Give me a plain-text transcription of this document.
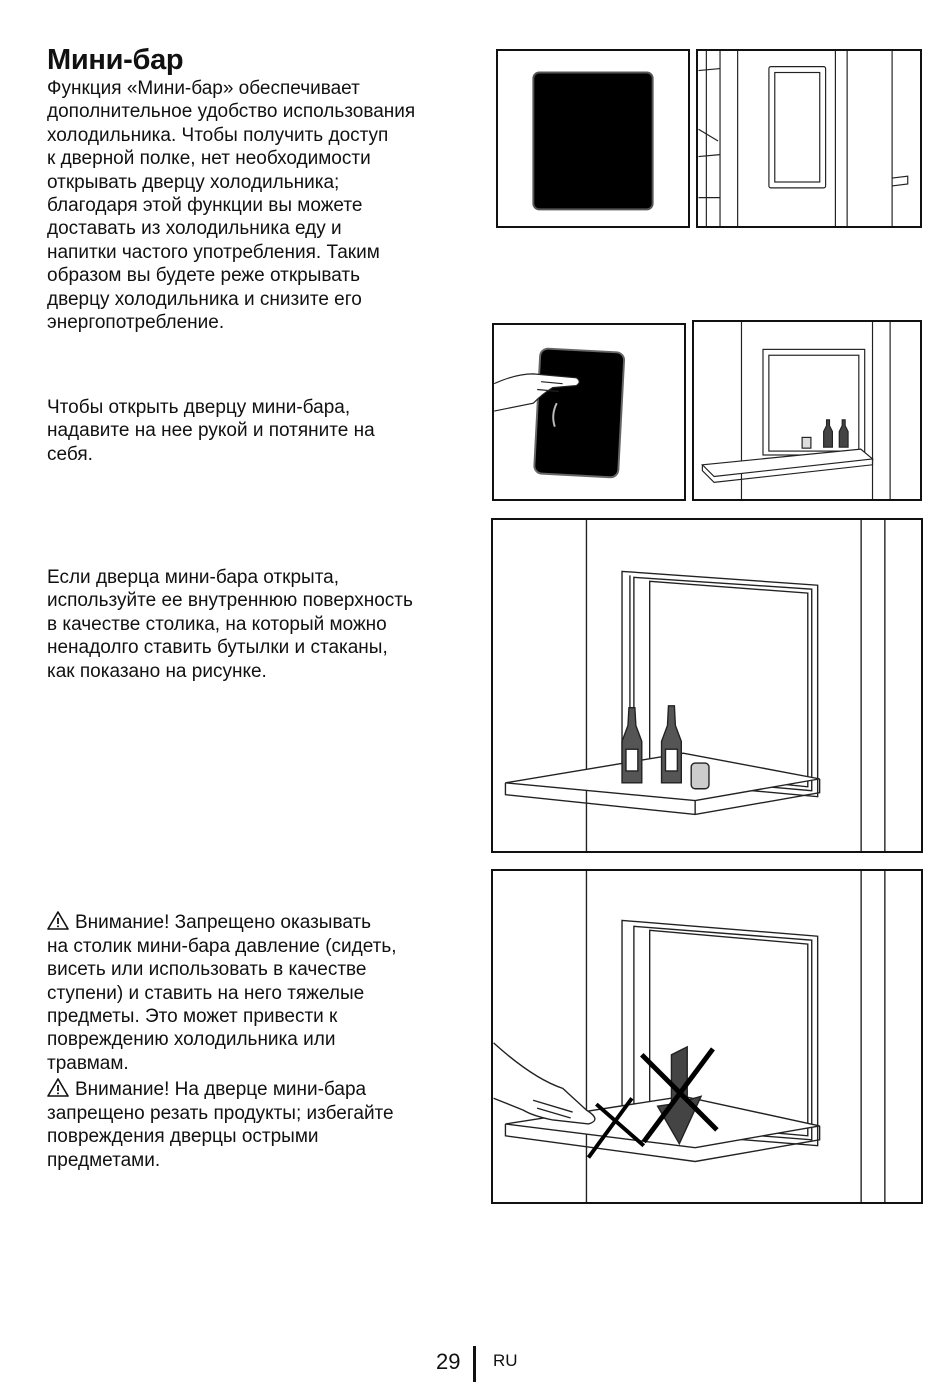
Мини-бар

Функция «Мини-бар» обеспечивает
дополнительное удобство использования
холодильника. Чтобы получить доступ
к дверной полке, нет необходимости
открывать дверцу холодильника;
благодаря этой функции вы можете
доставать из холодильника еду и
напитки частого употребления. Таким
образом вы будете реже открывать
дверцу холодильника и снизите его
энергопотребление.

Чтобы открыть дверцу мини-бара,
надавите на нее рукой и потяните на
себя.

Если дверца мини-бара открыта,
используйте ее внутреннюю поверхность
в качестве столика, на который можно
ненадолго ставить бутылки и стаканы,
как показано на рисунке.

Внимание! Запрещено оказывать
на столик мини-бара давление (сидеть,
висеть или использовать в качестве
ступени) и ставить на него тяжелые
предметы. Это может привести к
повреждению холодильника или
травмам.

Внимание! На дверце мини-бара
запрещено резать продукты; избегайте
повреждения дверцы острыми
предметами.

29 RU
